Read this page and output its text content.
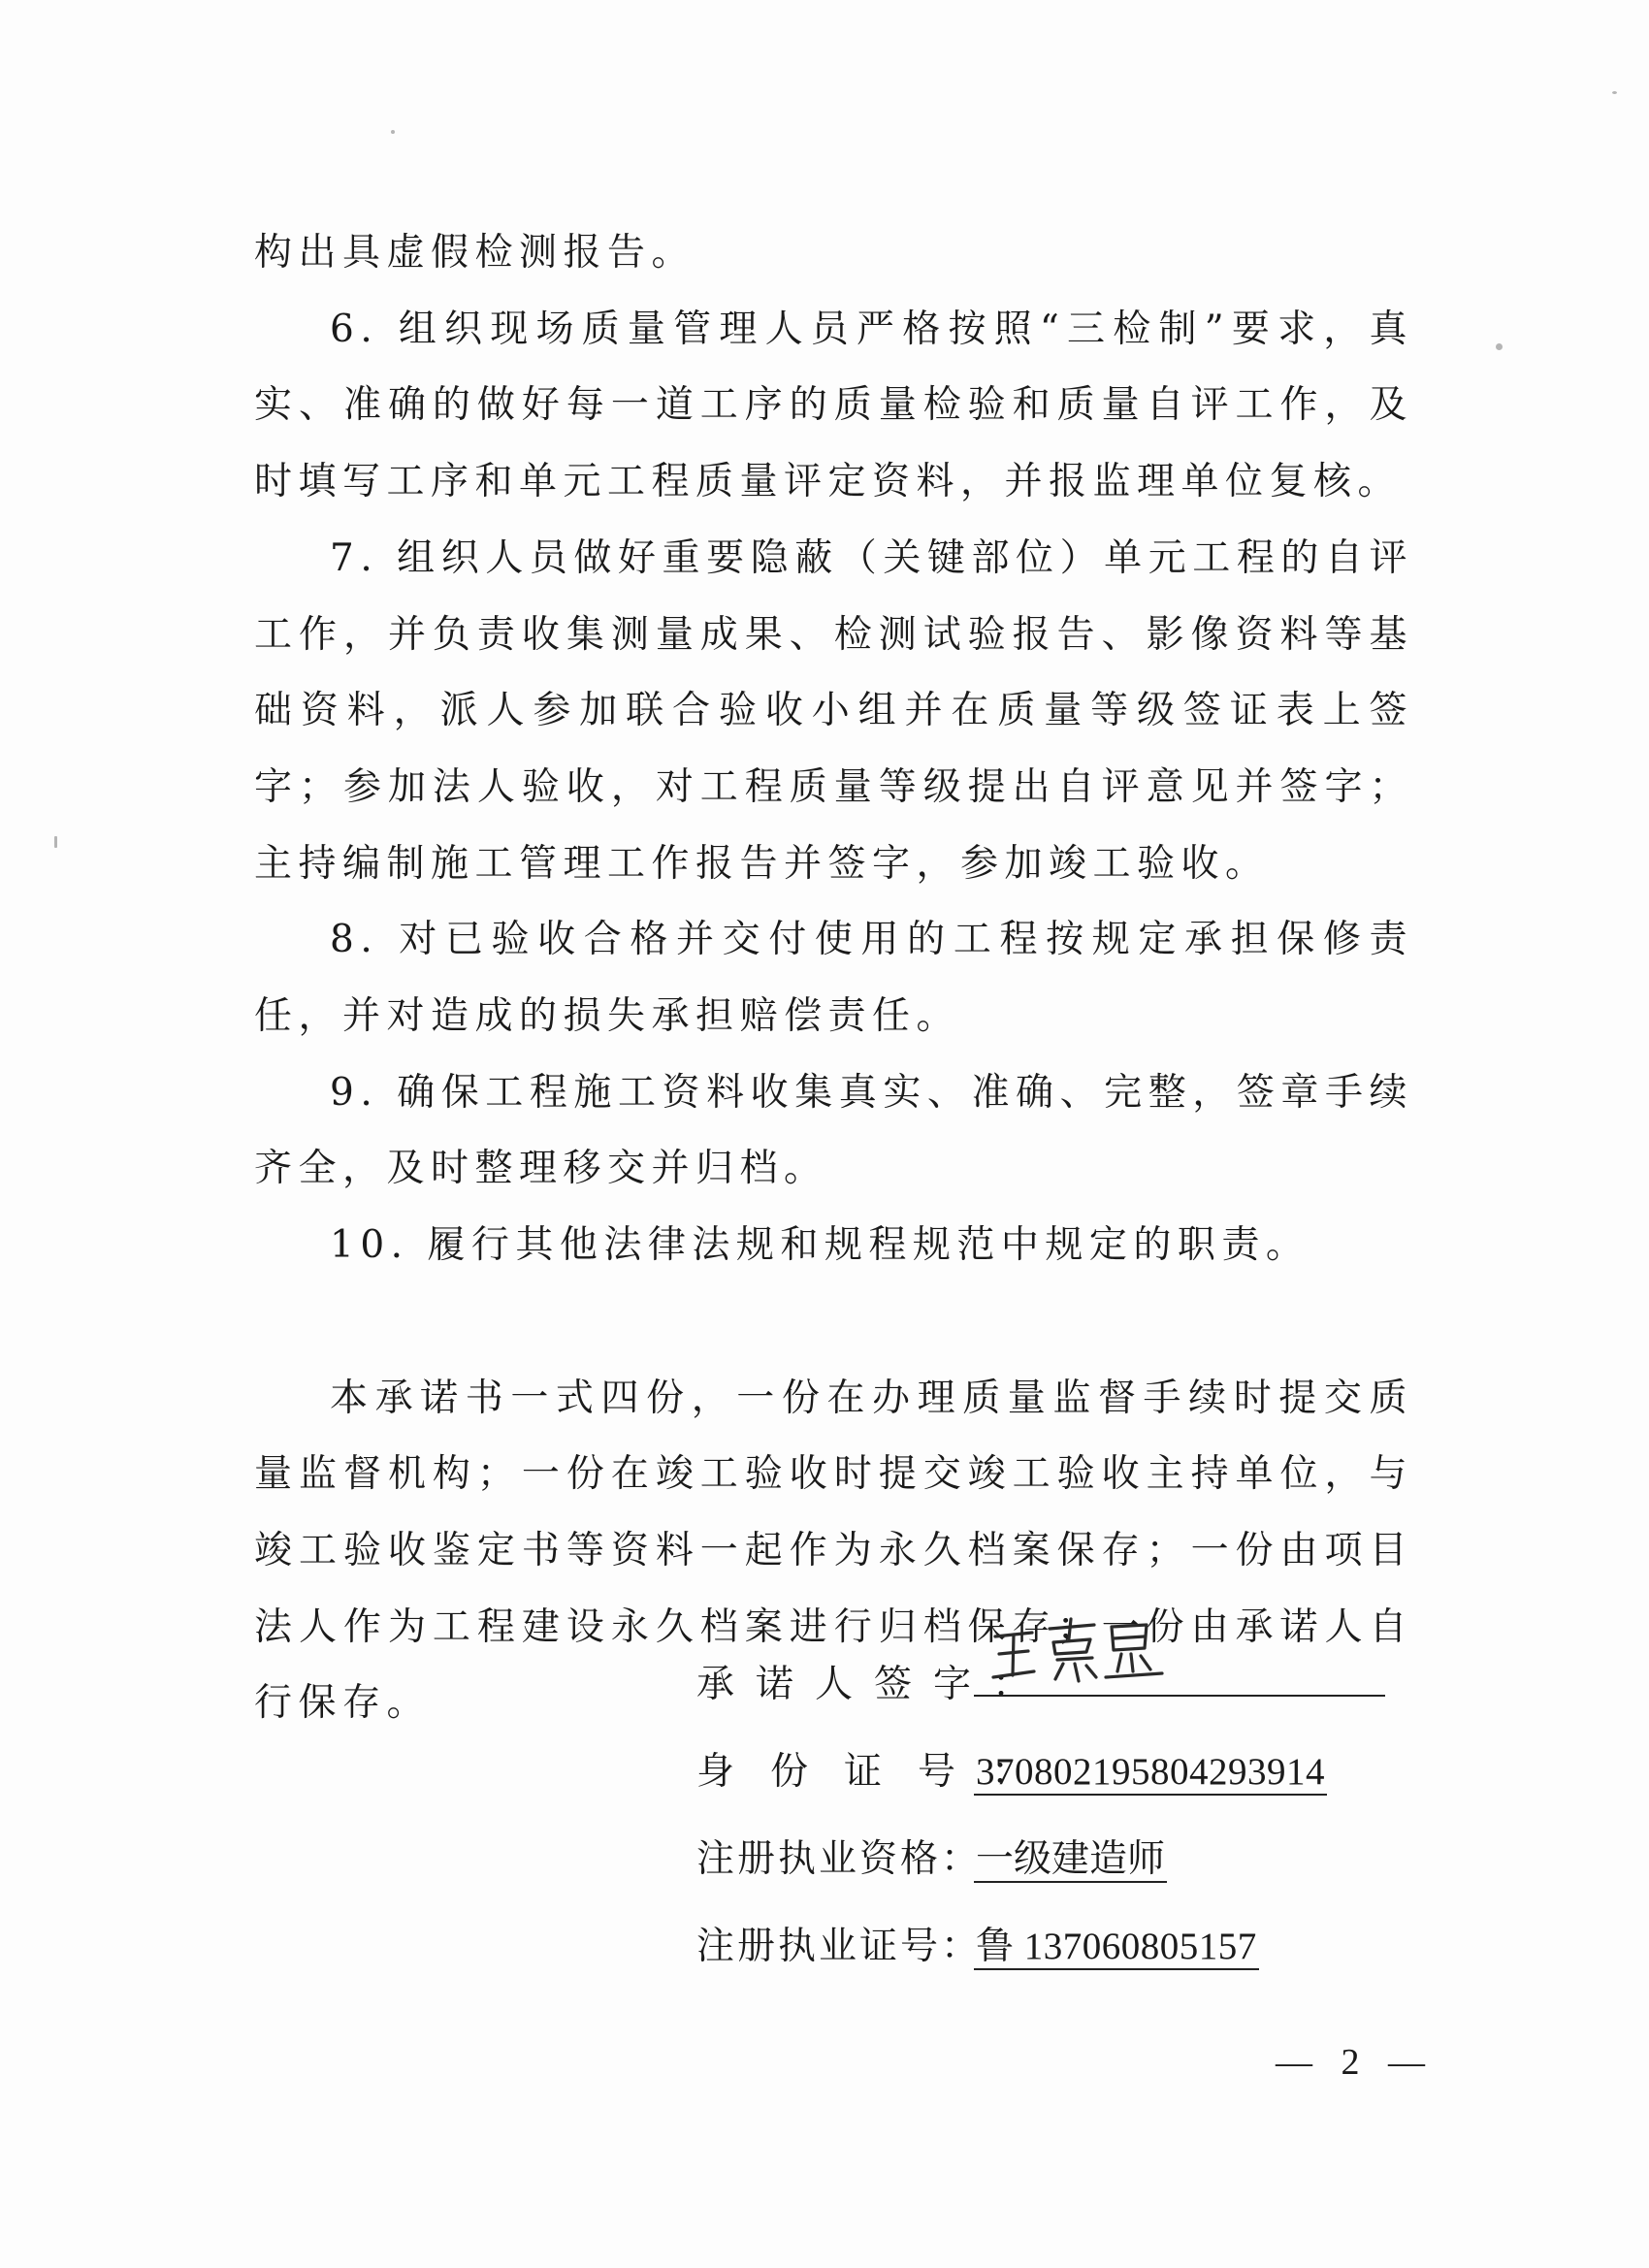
构出具虚假检测报告。

6. 组织现场质量管理人员严格按照“三检制”要求，真实、准确的做好每一道工序的质量检验和质量自评工作，及时填写工序和单元工程质量评定资料，并报监理单位复核。

7. 组织人员做好重要隐蔽（关键部位）单元工程的自评工作，并负责收集测量成果、检测试验报告、影像资料等基础资料，派人参加联合验收小组并在质量等级签证表上签字；参加法人验收，对工程质量等级提出自评意见并签字；主持编制施工管理工作报告并签字，参加竣工验收。

8. 对已验收合格并交付使用的工程按规定承担保修责任，并对造成的损失承担赔偿责任。

9. 确保工程施工资料收集真实、准确、完整，签章手续齐全，及时整理移交并归档。

10. 履行其他法律法规和规程规范中规定的职责。

本承诺书一式四份，一份在办理质量监督手续时提交质量监督机构；一份在竣工验收时提交竣工验收主持单位，与竣工验收鉴定书等资料一起作为永久档案保存；一份由项目法人作为工程建设永久档案进行归档保存；一份由承诺人自行保存。	承诺人签字：
身份证号：
370802195804293914
注册执业资格：
一级建造师
注册执业证号：
鲁 137060805157
— 2 —
